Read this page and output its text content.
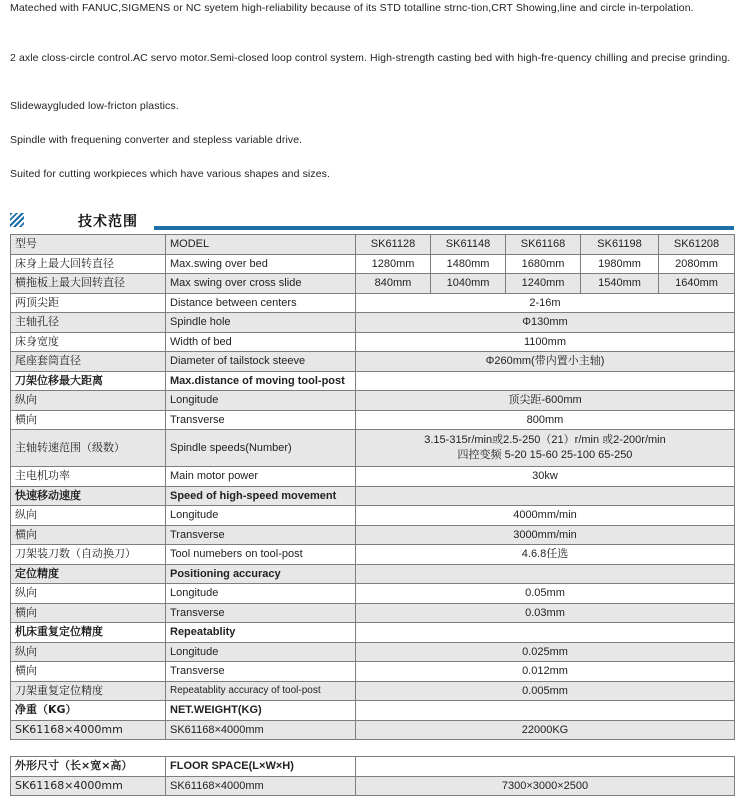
Mateched with FANUC,SIGMENS or NC syetem high-reliability because of its STD totalline strnc-tion,CRT Showing,line and circle in-terpolation.

2 axle closs-circle control.AC servo motor.Semi-closed loop control system. High-strength casting bed with high-fre-quency chilling and precise grinding.

Slidewaygluded low-fricton plastics.

Spindle with frequening converter and stepless variable drive.

Suited for cutting workpieces which have various shapes and sizes.

技术范围
型号	MODEL	SK61128	SK61148	SK61168	SK61198	SK61208
床身上最大回转直径	Max.swing over bed	1280mm	1480mm	1680mm	1980mm	2080mm
横拖板上最大回转直径	Max swing over cross slide	840mm	1040mm	1240mm	1540mm	1640mm
两顶尖距	Distance between centers	2-16m				
主轴孔径	Spindle hole	Φ130mm				
床身宽度	Width of bed	1100mm				
尾座套筒直径	Diameter of tailstock steeve	Φ260mm(带内置小主轴)				
刀架位移最大距离	Max.distance of moving tool-post					
纵向	Longitude	顶尖距-600mm				
横向	Transverse	800mm				
主轴转速范围（级数）	Spindle speeds(Number)	3.15-315r/min或2.5-250（21）r/min 或2-200r/min
四控变频 5-20 15-60 25-100 65-250				

主电机功率	Main motor power	30kw				
快速移动速度	Speed of high-speed movement					
纵向	Longitude	4000mm/min				
横向	Transverse	3000mm/min				
刀架装刀数（自动换刀）	Tool numebers on tool-post	4.6.8任选				
定位精度	Positioning accuracy					
纵向	Longitude	0.05mm				
横向	Transverse	0.03mm				
机床重复定位精度	Repeatablity					
纵向	Longitude	0.025mm				
横向	Transverse	0.012mm				
刀架重复定位精度	Repeatablity accuracy of tool-post	0.005mm				
净重（KG）	NET.WEIGHT(KG)					
SK61168×4000mm	SK61168×4000mm	22000KG				

外形尺寸（长×宽×高）	FLOOR SPACE(L×W×H)					
SK61168×4000mm	SK61168×4000mm	7300×3000×2500				
